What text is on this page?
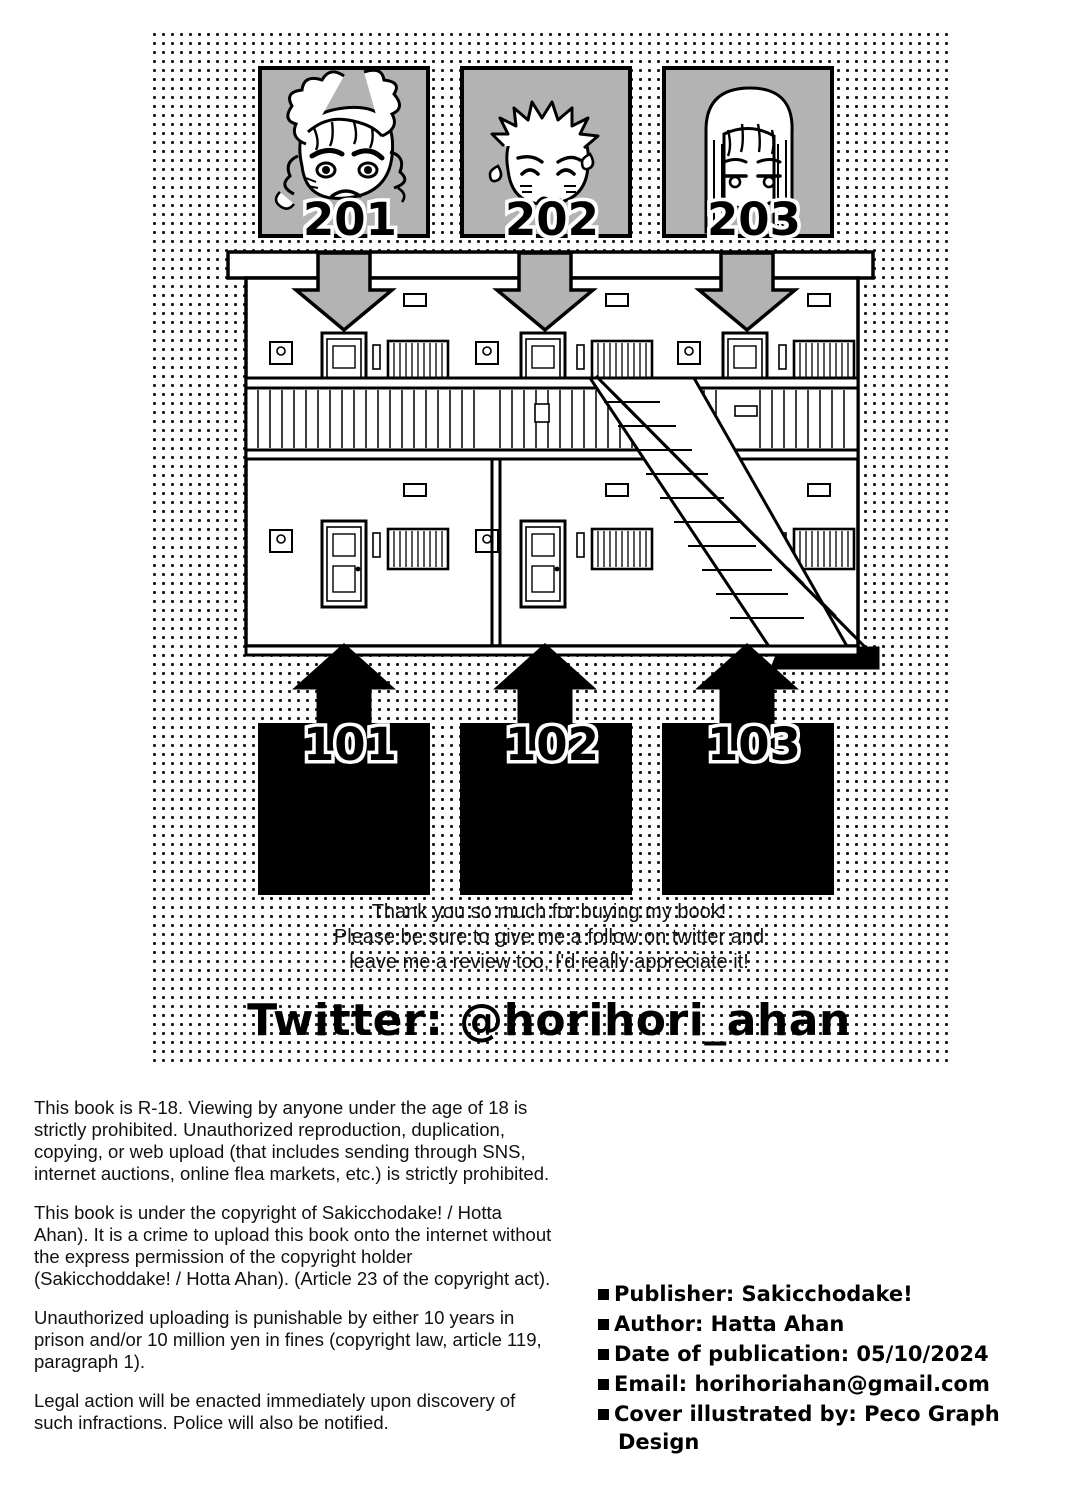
201 202 203
101 102 103
Thank you so much for buying my book!
Please be sure to give me a follow on twitter and
leave me a review too, I'd really appreciate it!
Twitter: @horihori_ahan

This book is R-18. Viewing by anyone under the age of 18 is strictly prohibited. Unauthorized reproduction, duplication, copying, or web upload (that includes sending through SNS, internet auctions, online flea markets, etc.) is strictly prohibited.

This book is under the copyright of Sakicchodake! / Hotta Ahan). It is a crime to upload this book onto the internet without the express permission of the copyright holder (Sakicchoddake! / Hotta Ahan). (Article 23 of the copyright act).

Unauthorized uploading is punishable by either 10 years in prison and/or 10 million yen in fines (copyright law, article 119, paragraph 1).

Legal action will be enacted immediately upon discovery of such infractions. Police will also be notified.

Publisher: Sakicchodake!
Author: Hatta Ahan
Date of publication: 05/10/2024
Email: horihoriahan@gmail.com
Cover illustrated by: Peco Graph Design
